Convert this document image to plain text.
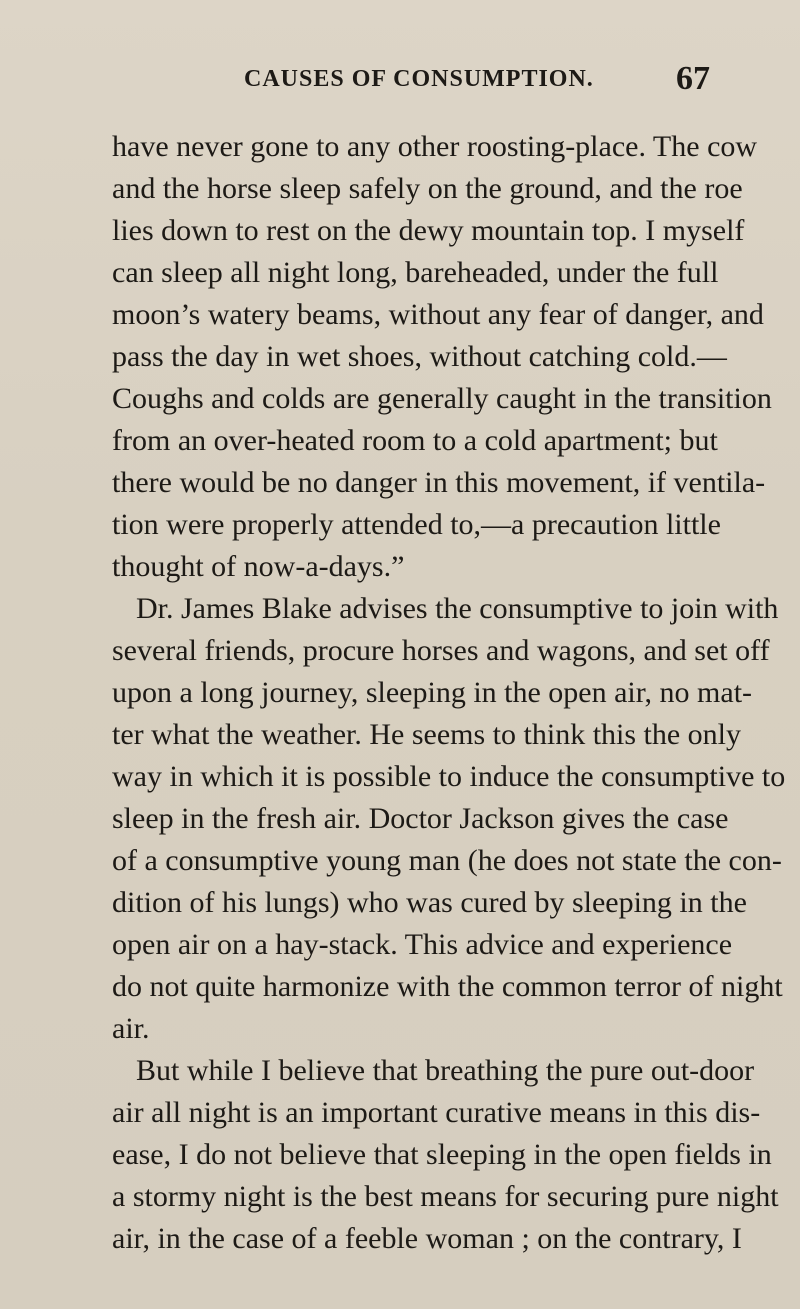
CAUSES OF CONSUMPTION. 67
have never gone to any other roosting-place. The cow
and the horse sleep safely on the ground, and the roe
lies down to rest on the dewy mountain top. I myself
can sleep all night long, bareheaded, under the full
moon’s watery beams, without any fear of danger, and
pass the day in wet shoes, without catching cold.—
Coughs and colds are generally caught in the transition
from an over-heated room to a cold apartment; but
there would be no danger in this movement, if ventila-
tion were properly attended to,—a precaution little
thought of now-a-days.”
Dr. James Blake advises the consumptive to join with
several friends, procure horses and wagons, and set off
upon a long journey, sleeping in the open air, no mat-
ter what the weather. He seems to think this the only
way in which it is possible to induce the consumptive to
sleep in the fresh air. Doctor Jackson gives the case
of a consumptive young man (he does not state the con-
dition of his lungs) who was cured by sleeping in the
open air on a hay-stack. This advice and experience
do not quite harmonize with the common terror of night
air.
But while I believe that breathing the pure out-door
air all night is an important curative means in this dis-
ease, I do not believe that sleeping in the open fields in
a stormy night is the best means for securing pure night
air, in the case of a feeble woman ; on the contrary, I
